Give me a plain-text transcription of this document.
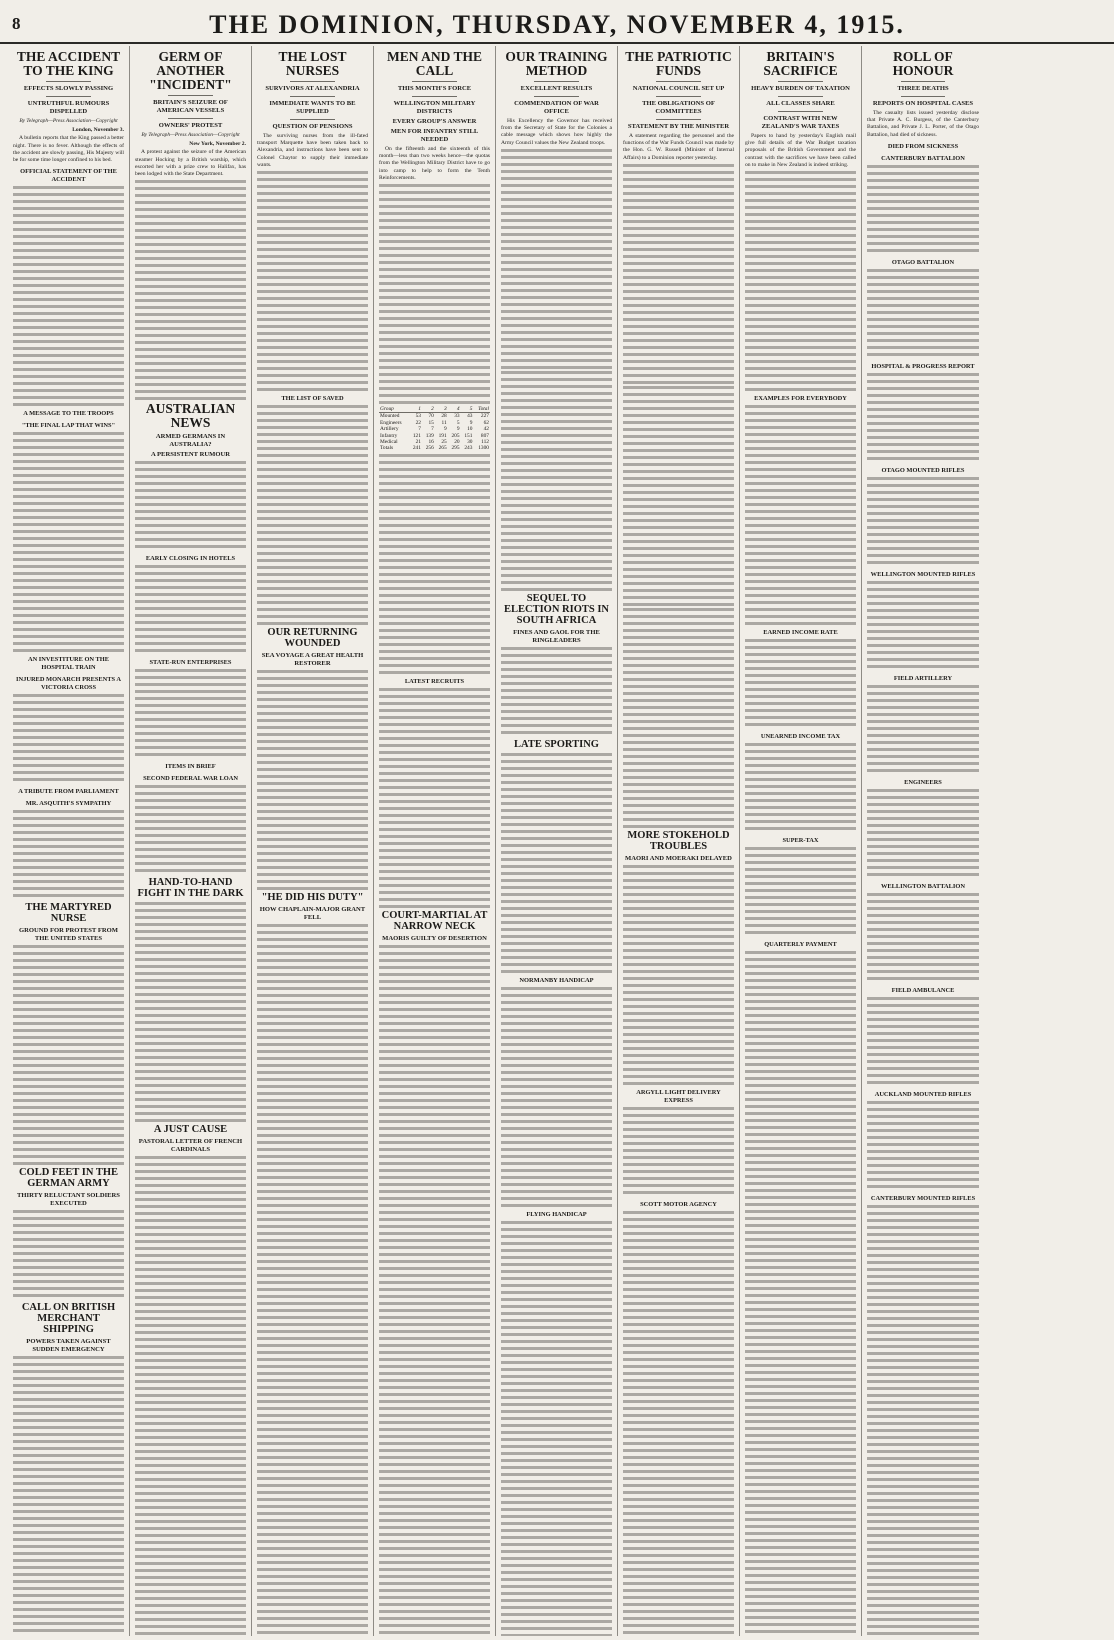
8	THE DOMINION, THURSDAY, NOVEMBER 4, 1915.
THE ACCIDENT TO THE KING
EFFECTS SLOWLY PASSING
UNTRUTHFUL RUMOURS DISPELLED
By Telegraph—Press Association—Copyright
London, November 3.
A bulletin reports that the King passed a better night. There is no fever. Although the effects of the accident are slowly passing, His Majesty will be for some time longer confined to his bed.
OFFICIAL STATEMENT OF THE ACCIDENT
A MESSAGE TO THE TROOPS
"THE FINAL LAP THAT WINS"
AN INVESTITURE ON THE HOSPITAL TRAIN
INJURED MONARCH PRESENTS A VICTORIA CROSS
A TRIBUTE FROM PARLIAMENT
MR. ASQUITH'S SYMPATHY
THE MARTYRED NURSE
GROUND FOR PROTEST FROM THE UNITED STATES
COLD FEET IN THE GERMAN ARMY
THIRTY RELUCTANT SOLDIERS EXECUTED
CALL ON BRITISH MERCHANT SHIPPING
POWERS TAKEN AGAINST SUDDEN EMERGENCY
GERM OF ANOTHER "INCIDENT"
BRITAIN'S SEIZURE OF AMERICAN VESSELS
OWNERS' PROTEST
By Telegraph—Press Association—Copyright
New York, November 2.
A protest against the seizure of the American steamer Hocking by a British warship, which escorted her with a prize crew to Halifax, has been lodged with the State Department.
AUSTRALIAN NEWS
ARMED GERMANS IN AUSTRALIA?
A PERSISTENT RUMOUR
EARLY CLOSING IN HOTELS
STATE-RUN ENTERPRISES
ITEMS IN BRIEF
SECOND FEDERAL WAR LOAN
HAND-TO-HAND FIGHT IN THE DARK
A JUST CAUSE
PASTORAL LETTER OF FRENCH CARDINALS
THE LOST NURSES
SURVIVORS AT ALEXANDRIA
IMMEDIATE WANTS TO BE SUPPLIED
QUESTION OF PENSIONS
The surviving nurses from the ill-fated transport Marquette have been taken back to Alexandria, and instructions have been sent to Colonel Chaytor to supply their immediate wants.
THE LIST OF SAVED
OUR RETURNING WOUNDED
SEA VOYAGE A GREAT HEALTH RESTORER
"HE DID HIS DUTY"
HOW CHAPLAIN-MAJOR GRANT FELL
MEN AND THE CALL
THIS MONTH'S FORCE
WELLINGTON MILITARY DISTRICTS
EVERY GROUP'S ANSWER
MEN FOR INFANTRY STILL NEEDED
On the fifteenth and the sixteenth of this month—less than two weeks hence—the quotas from the Wellington Military District have to go into camp to help to form the Tenth Reinforcements.
Group	1	2	3	4	5	Total
Mounted	53	70	28	33	43	227
Engineers	22	15	11	5	9	62
Artillery	7	7	9	9	10	42
Infantry	121	139	191	205	151	807
Medical	21	16	25	20	30	112
Totals	241	256	265	295	243	1300
LATEST RECRUITS
COURT-MARTIAL AT NARROW NECK
MAORIS GUILTY OF DESERTION
OUR TRAINING METHOD
EXCELLENT RESULTS
COMMENDATION OF WAR OFFICE
His Excellency the Governor has received from the Secretary of State for the Colonies a cable message which shows how highly the Army Council values the New Zealand troops.
SEQUEL TO ELECTION RIOTS IN SOUTH AFRICA
FINES AND GAOL FOR THE RINGLEADERS
LATE SPORTING
NORMANBY HANDICAP
FLYING HANDICAP
THE PATRIOTIC FUNDS
NATIONAL COUNCIL SET UP
THE OBLIGATIONS OF COMMITTEES
STATEMENT BY THE MINISTER
A statement regarding the personnel and the functions of the War Funds Council was made by the Hon. G. W. Russell (Minister of Internal Affairs) to a Dominion reporter yesterday.
MORE STOKEHOLD TROUBLES
MAORI AND MOERAKI DELAYED
ARGYLL LIGHT DELIVERY EXPRESS
SCOTT MOTOR AGENCY
BRITAIN'S SACRIFICE
HEAVY BURDEN OF TAXATION
ALL CLASSES SHARE
CONTRAST WITH NEW ZEALAND'S WAR TAXES
Papers to hand by yesterday's English mail give full details of the War Budget taxation proposals of the British Government and the contrast with the sacrifices we have been called on to make in New Zealand is indeed striking.
EXAMPLES FOR EVERYBODY
EARNED INCOME RATE
UNEARNED INCOME TAX
SUPER-TAX
QUARTERLY PAYMENT
ROLL OF HONOUR
THREE DEATHS
REPORTS ON HOSPITAL CASES
The casualty lists issued yesterday disclose that Private A. C. Burgess, of the Canterbury Battalion, and Private J. L. Porter, of the Otago Battalion, had died of sickness.
DIED FROM SICKNESS
CANTERBURY BATTALION
OTAGO BATTALION
HOSPITAL & PROGRESS REPORT
OTAGO MOUNTED RIFLES
WELLINGTON MOUNTED RIFLES
FIELD ARTILLERY
ENGINEERS
WELLINGTON BATTALION
FIELD AMBULANCE
AUCKLAND MOUNTED RIFLES
CANTERBURY MOUNTED RIFLES
